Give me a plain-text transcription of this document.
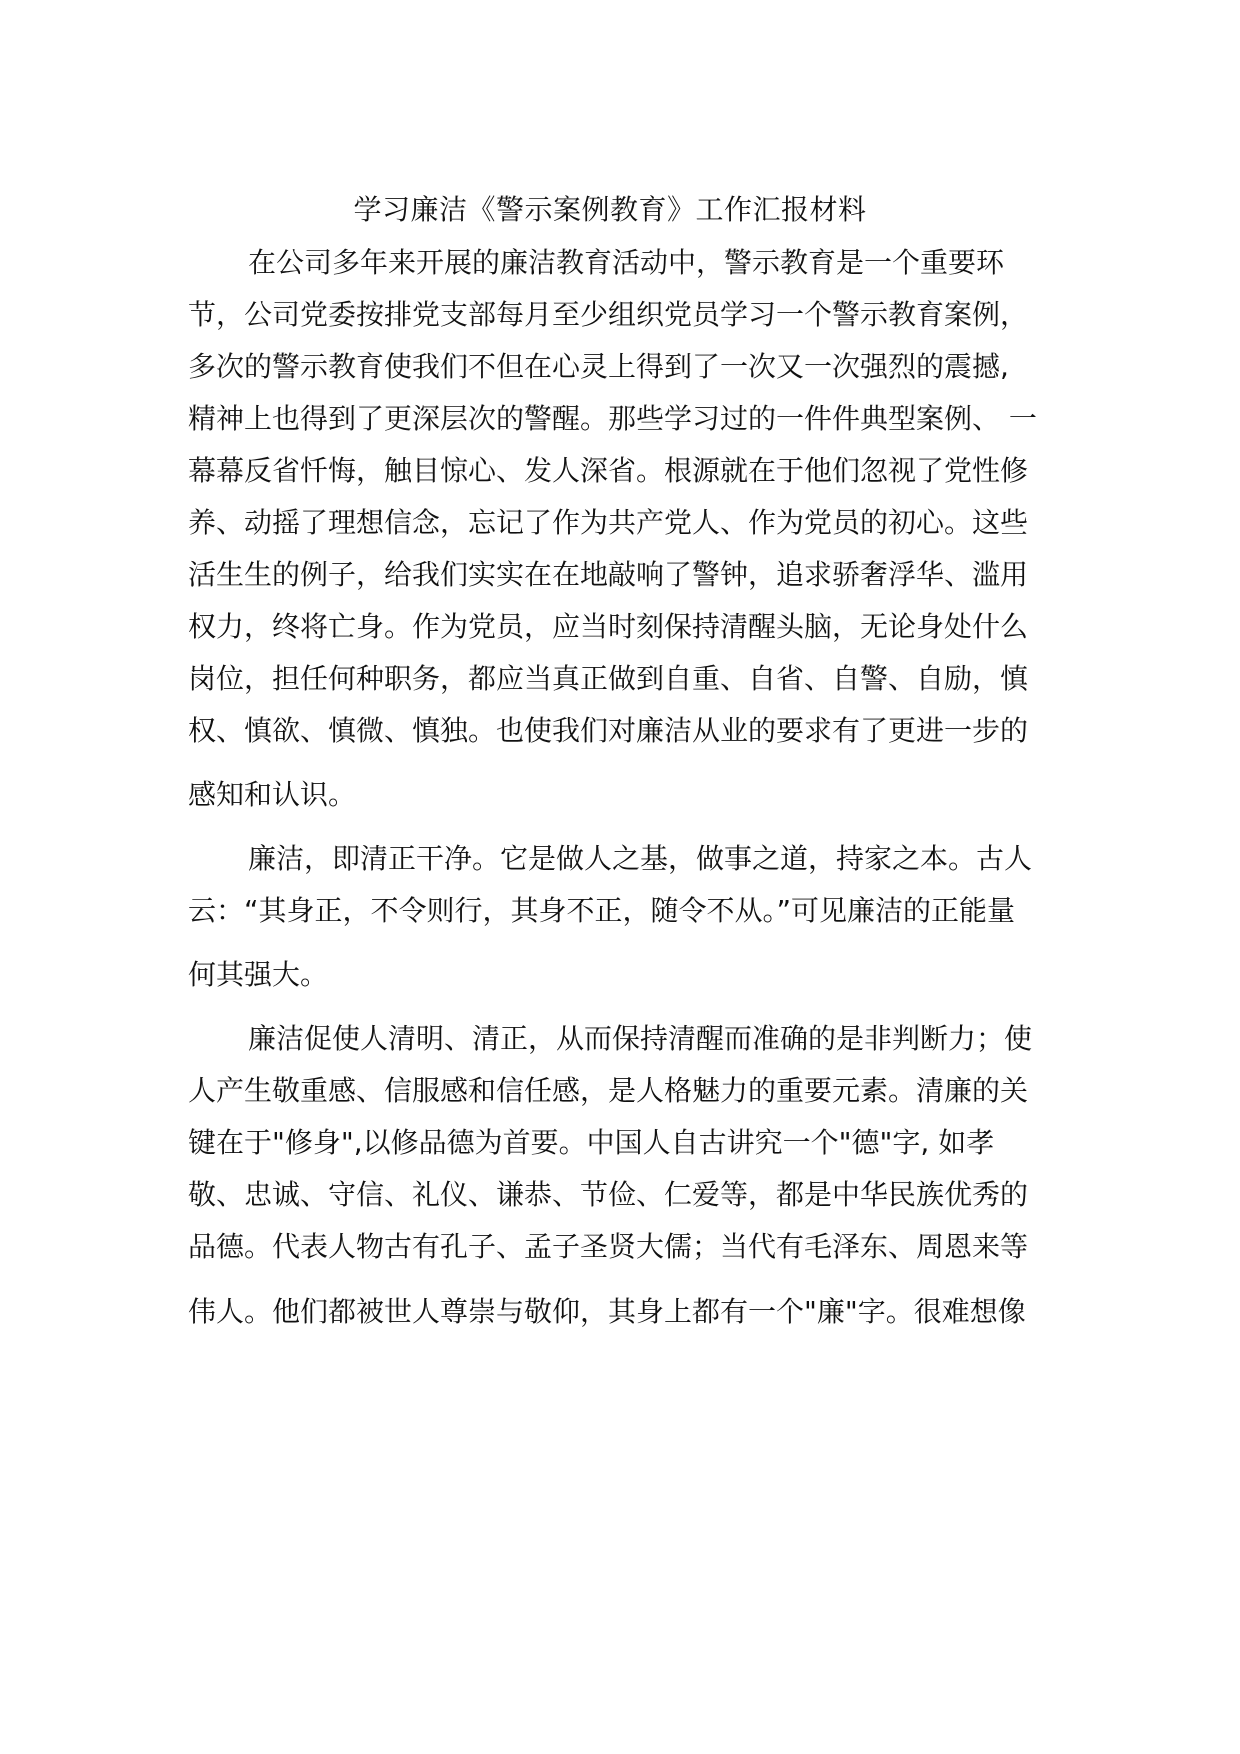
学习廉洁《警示案例教育》工作汇报材料

在公司多年来开展的廉洁教育活动中，警示教育是一个重要环

节，公司党委按排党支部每月至少组织党员学习一个警示教育案例，

多次的警示教育使我们不但在心灵上得到了一次又一次强烈的震撼,

精神上也得到了更深层次的警醒。那些学习过的一件件典型案例、 一

幕幕反省忏悔，触目惊心、发人深省。根源就在于他们忽视了党性修

养、动摇了理想信念，忘记了作为共产党人、作为党员的初心。这些

活生生的例子，给我们实实在在地敲响了警钟，追求骄奢浮华、滥用

权力，终将亡身。作为党员，应当时刻保持清醒头脑，无论身处什么

岗位，担任何种职务，都应当真正做到自重、自省、自警、自励，慎

权、慎欲、慎微、慎独。也使我们对廉洁从业的要求有了更进一步的

感知和认识。

廉洁，即清正干净。它是做人之基，做事之道，持家之本。古人

云：“其身正，不令则行，其身不正，随令不从。”可见廉洁的正能量

何其强大。

廉洁促使人清明、清正，从而保持清醒而准确的是非判断力；使

人产生敬重感、信服感和信任感，是人格魅力的重要元素。清廉的关

键在于"修身",以修品德为首要。中国人自古讲究一个"德"字, 如孝

敬、忠诚、守信、礼仪、谦恭、节俭、仁爱等，都是中华民族优秀的

品德。代表人物古有孔子、孟子圣贤大儒；当代有毛泽东、周恩来等

伟人。他们都被世人尊崇与敬仰，其身上都有一个"廉"字。很难想像
